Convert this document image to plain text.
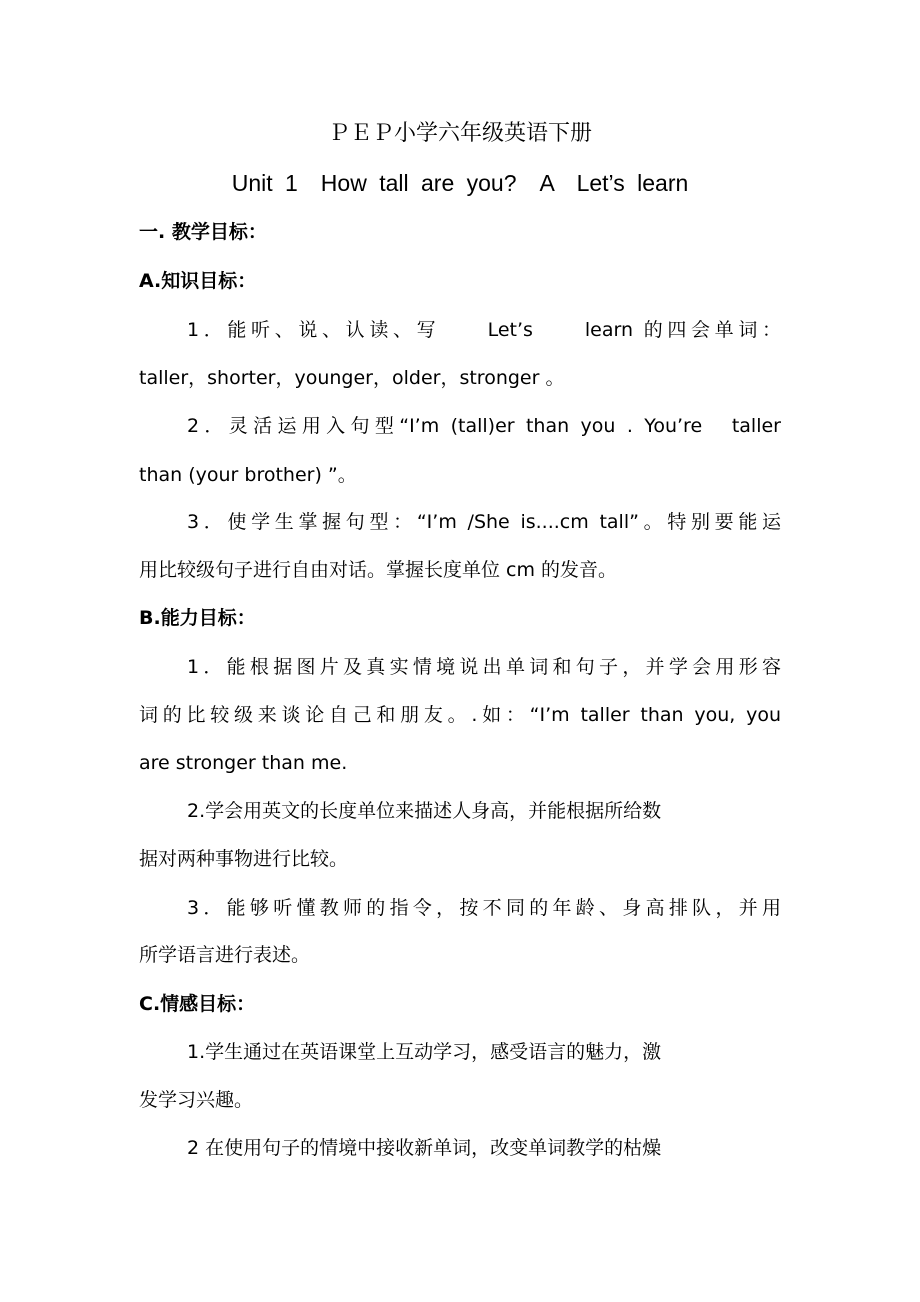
ＰＥＰ小学六年级英语下册
Unit 1　How tall are you?　A　Let’s learn
一. 教学目标：
A.知识目标：
1．能听、说、认读、写　　Let’s　　learn 的四会单词：
taller，shorter，younger，older，stronger 。
2．灵活运用入句型“I’m (tall)er than you . You’re　taller
than (your brother) ”。
3．使学生掌握句型：“I’m /She is....cm tall”。特别要能运
用比较级句子进行自由对话。掌握长度单位 cm 的发音。
B.能力目标：
1．能根据图片及真实情境说出单词和句子，并学会用形容
词的比较级来谈论自己和朋友。.如：“I’m taller than you, you
are stronger than me.
2.学会用英文的长度单位来描述人身高，并能根据所给数
据对两种事物进行比较。
3．能够听懂教师的指令，按不同的年龄、身高排队，并用
所学语言进行表述。
C.情感目标：
1.学生通过在英语课堂上互动学习，感受语言的魅力，激
发学习兴趣。
2 在使用句子的情境中接收新单词，改变单词教学的枯燥
